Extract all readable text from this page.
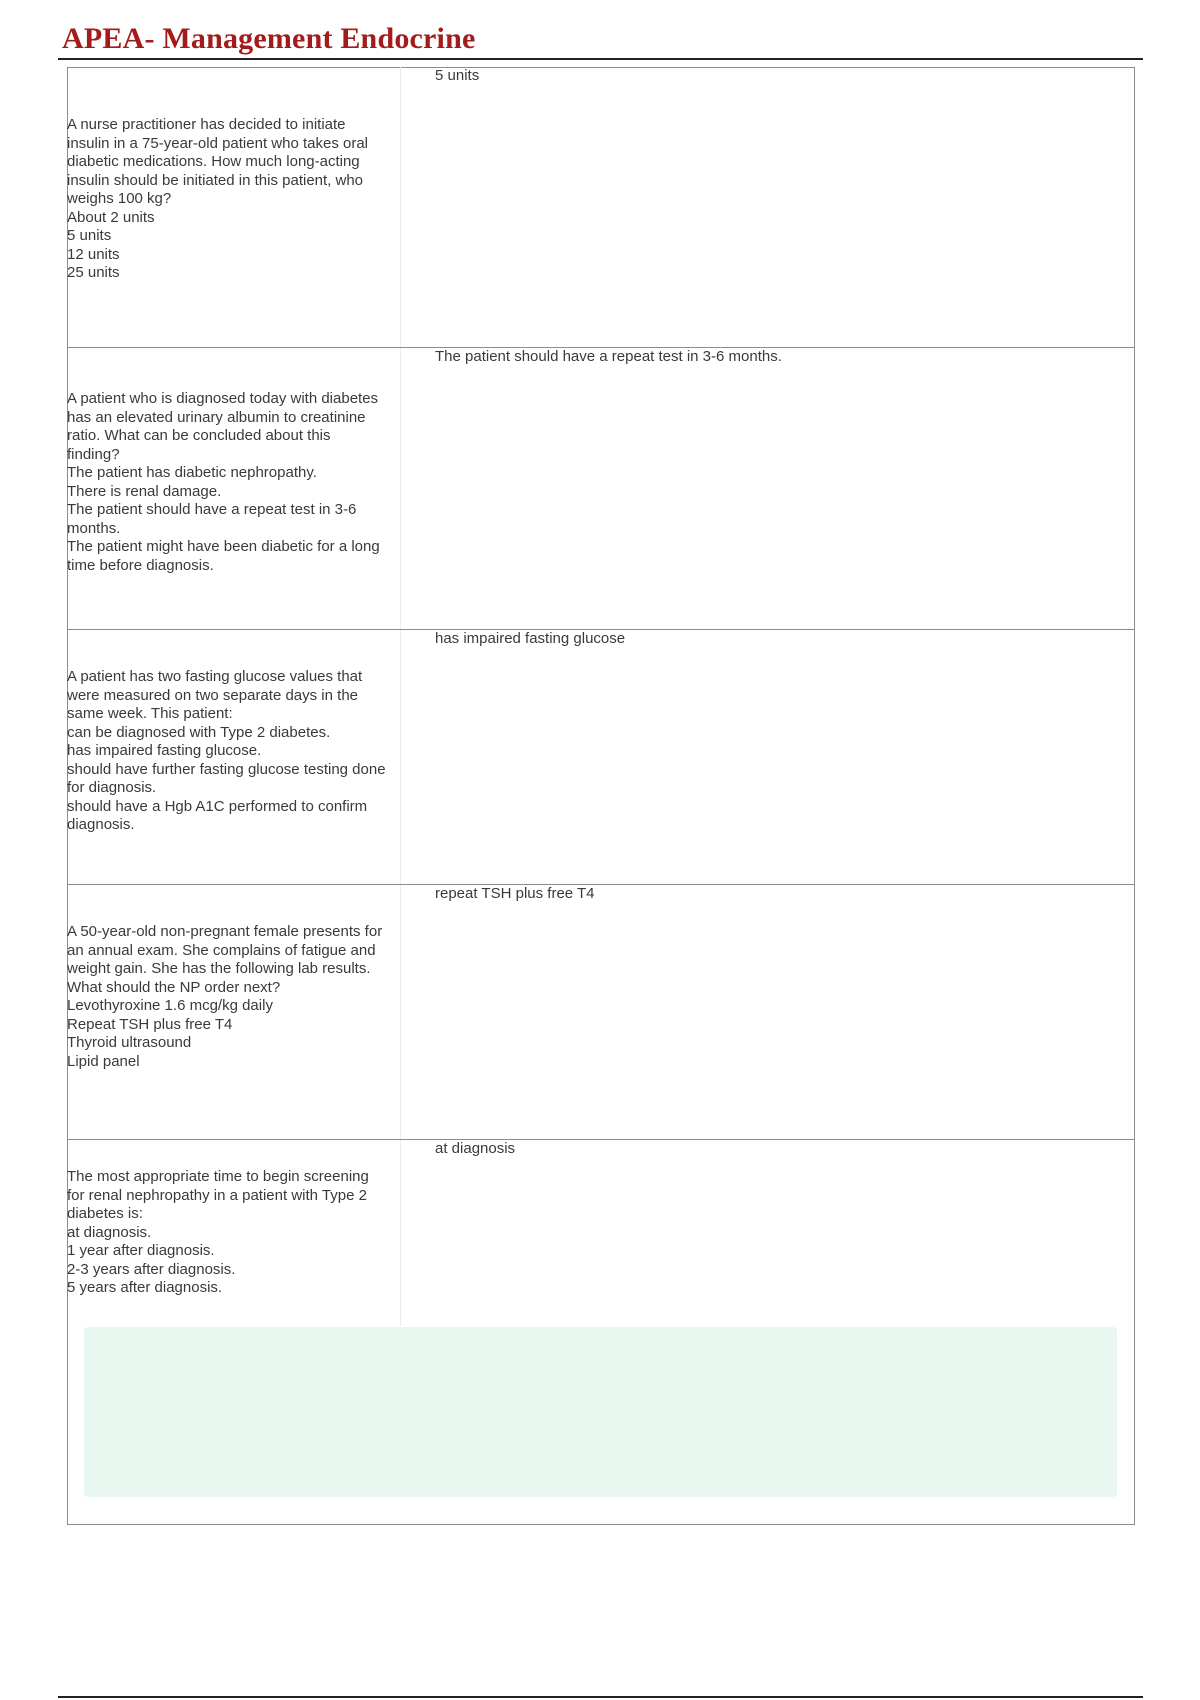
APEA- Management Endocrine
5 units
A nurse practitioner has decided to initiate insulin in a 75-year-old patient who takes oral diabetic medications. How much long-acting insulin should be initiated in this patient, who weighs 100 kg?
About 2 units
5 units
12 units
25 units
The patient should have a repeat test in 3-6 months.
A patient who is diagnosed today with diabetes has an elevated urinary albumin to creatinine ratio. What can be concluded about this finding?
The patient has diabetic nephropathy.
There is renal damage.
The patient should have a repeat test in 3-6 months.
The patient might have been diabetic for a long time before diagnosis.
has impaired fasting glucose
A patient has two fasting glucose values that were measured on two separate days in the same week. This patient:
can be diagnosed with Type 2 diabetes.
has impaired fasting glucose.
should have further fasting glucose testing done for diagnosis.
should have a Hgb A1C performed to confirm diagnosis.
repeat TSH plus free T4
A 50-year-old non-pregnant female presents for an annual exam. She complains of fatigue and weight gain. She has the following lab results. What should the NP order next?
Levothyroxine 1.6 mcg/kg daily
Repeat TSH plus free T4
Thyroid ultrasound
Lipid panel
at diagnosis
The most appropriate time to begin screening for renal nephropathy in a patient with Type 2 diabetes is:
at diagnosis.
1 year after diagnosis.
2-3 years after diagnosis.
5 years after diagnosis.
